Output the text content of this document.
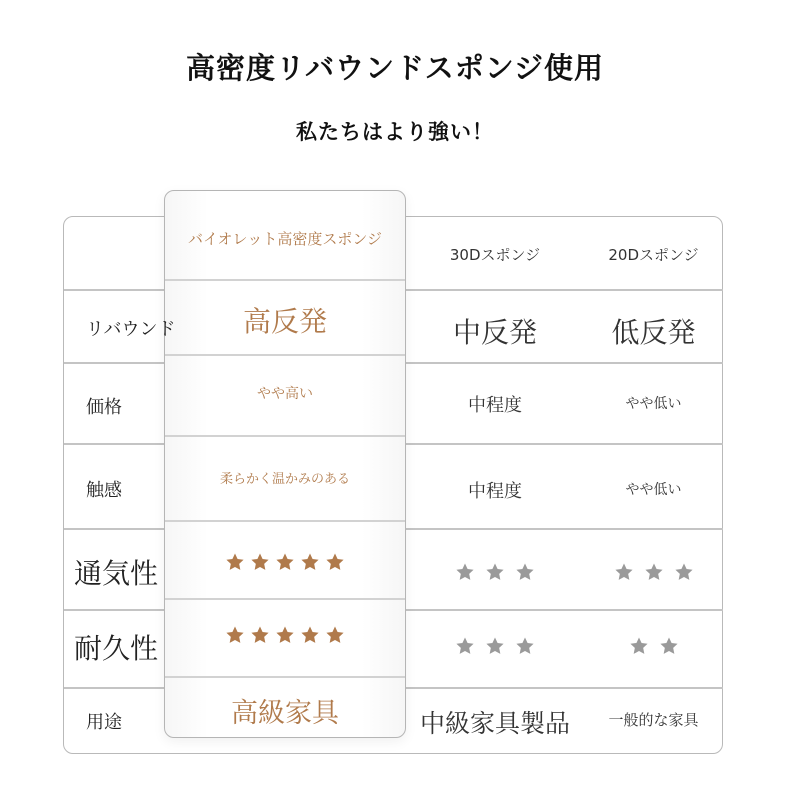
高密度リバウンドスポンジ使用
私たちはより強い！
バイオレット高密度スポンジ
30Dスポンジ	20Dスポンジ
リバウンド
価格
触感
通気性
耐久性
用途
高反発
やや高い
柔らかく温かみのある
高級家具
中反発
中程度
中程度
中級家具製品
低反発
やや低い
やや低い
一般的な家具
